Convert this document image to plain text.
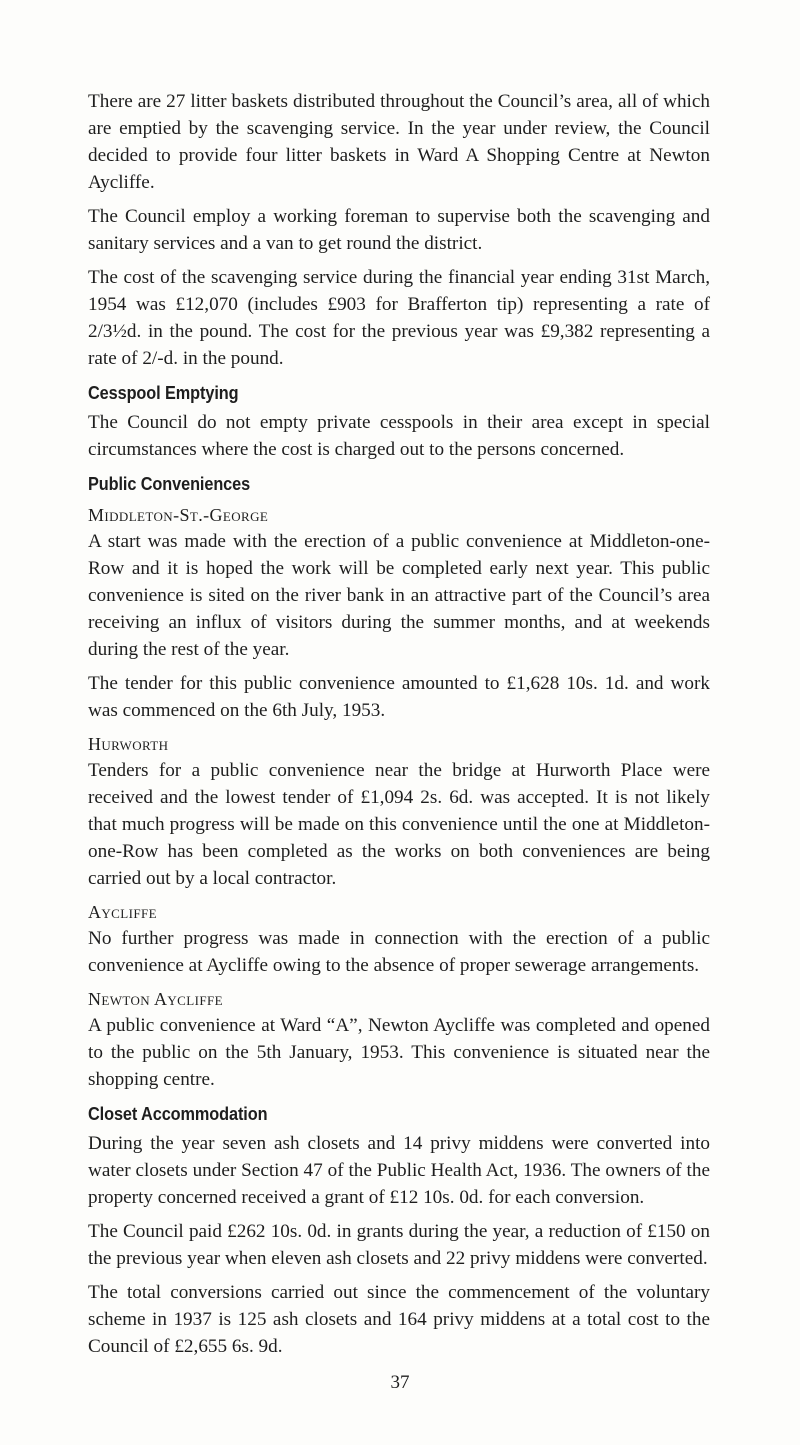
There are 27 litter baskets distributed throughout the Council’s area, all of which are emptied by the scavenging service. In the year under review, the Council decided to provide four litter baskets in Ward A Shopping Centre at Newton Aycliffe.

The Council employ a working foreman to supervise both the scavenging and sanitary services and a van to get round the district.

The cost of the scavenging service during the financial year ending 31st March, 1954 was £12,070 (includes £903 for Brafferton tip) representing a rate of 2/3½d. in the pound. The cost for the previous year was £9,382 representing a rate of 2/-d. in the pound.

Cesspool Emptying

The Council do not empty private cesspools in their area except in special circumstances where the cost is charged out to the persons concerned.

Public Conveniences
Middleton-St.-George

A start was made with the erection of a public convenience at Middleton-one-Row and it is hoped the work will be completed early next year. This public convenience is sited on the river bank in an attractive part of the Council’s area receiving an influx of visitors during the summer months, and at weekends during the rest of the year.

The tender for this public convenience amounted to £1,628 10s. 1d. and work was commenced on the 6th July, 1953.

Hurworth

Tenders for a public convenience near the bridge at Hurworth Place were received and the lowest tender of £1,094 2s. 6d. was accepted. It is not likely that much progress will be made on this convenience until the one at Middleton-one-Row has been completed as the works on both conveniences are being carried out by a local contractor.

Aycliffe

No further progress was made in connection with the erection of a public convenience at Aycliffe owing to the absence of proper sewerage arrangements.

Newton Aycliffe

A public convenience at Ward “A”, Newton Aycliffe was completed and opened to the public on the 5th January, 1953. This convenience is situated near the shopping centre.

Closet Accommodation

During the year seven ash closets and 14 privy middens were converted into water closets under Section 47 of the Public Health Act, 1936. The owners of the property concerned received a grant of £12 10s. 0d. for each conversion.

The Council paid £262 10s. 0d. in grants during the year, a reduction of £150 on the previous year when eleven ash closets and 22 privy middens were converted.

The total conversions carried out since the commencement of the voluntary scheme in 1937 is 125 ash closets and 164 privy middens at a total cost to the Council of £2,655 6s. 9d.

37
